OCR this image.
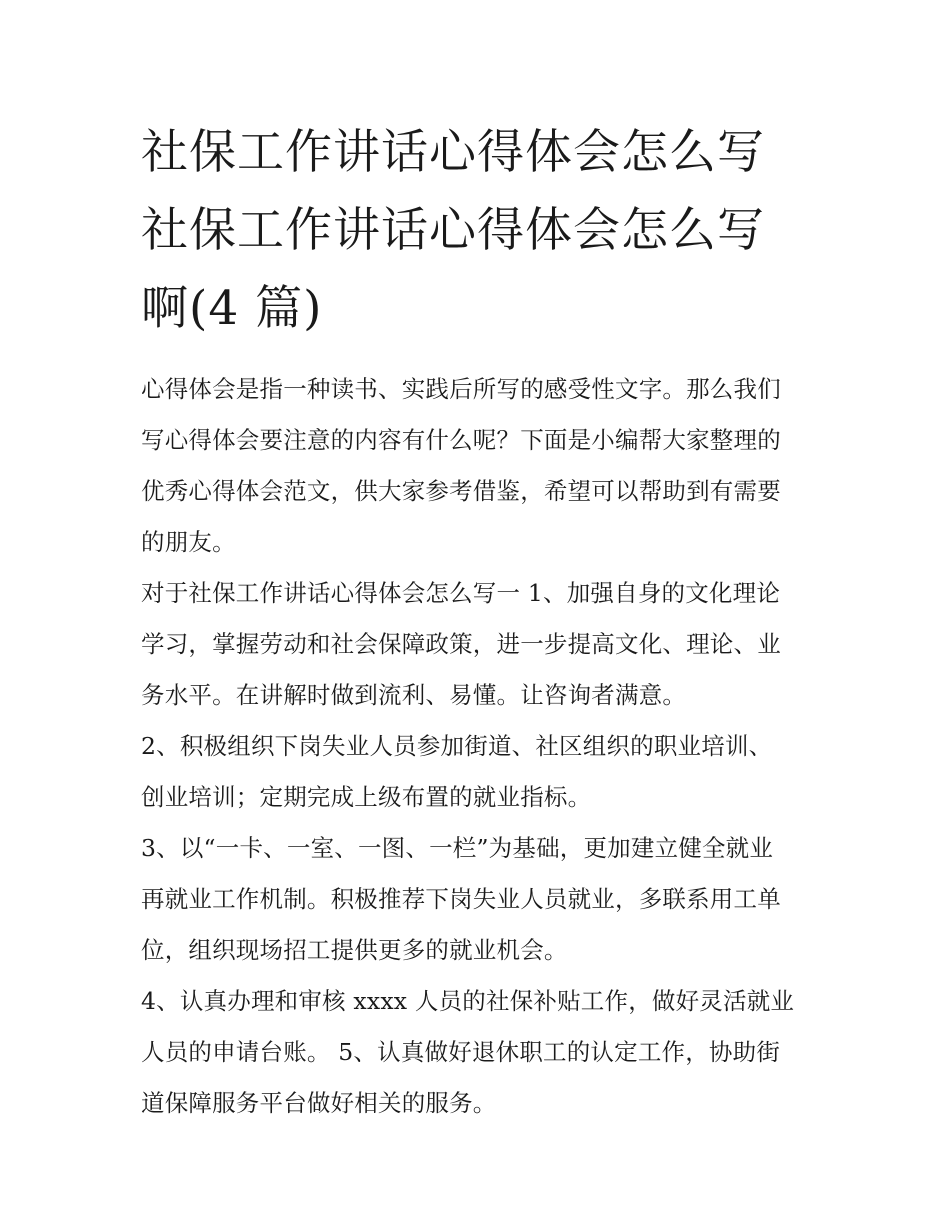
社保工作讲话心得体会怎么写
社保工作讲话心得体会怎么写
啊(4 篇)

心得体会是指一种读书、实践后所写的感受性文字。那么我们
写心得体会要注意的内容有什么呢？下面是小编帮大家整理的
优秀心得体会范文，供大家参考借鉴，希望可以帮助到有需要
的朋友。

对于社保工作讲话心得体会怎么写一 1、加强自身的文化理论
学习，掌握劳动和社会保障政策，进一步提高文化、理论、业
务水平。在讲解时做到流利、易懂。让咨询者满意。

2、积极组织下岗失业人员参加街道、社区组织的职业培训、
创业培训；定期完成上级布置的就业指标。

3、以“一卡、一室、一图、一栏”为基础，更加建立健全就业
再就业工作机制。积极推荐下岗失业人员就业，多联系用工单
位，组织现场招工提供更多的就业机会。

4、认真办理和审核 xxxx 人员的社保补贴工作，做好灵活就业
人员的申请台账。 5、认真做好退休职工的认定工作，协助街
道保障服务平台做好相关的服务。
